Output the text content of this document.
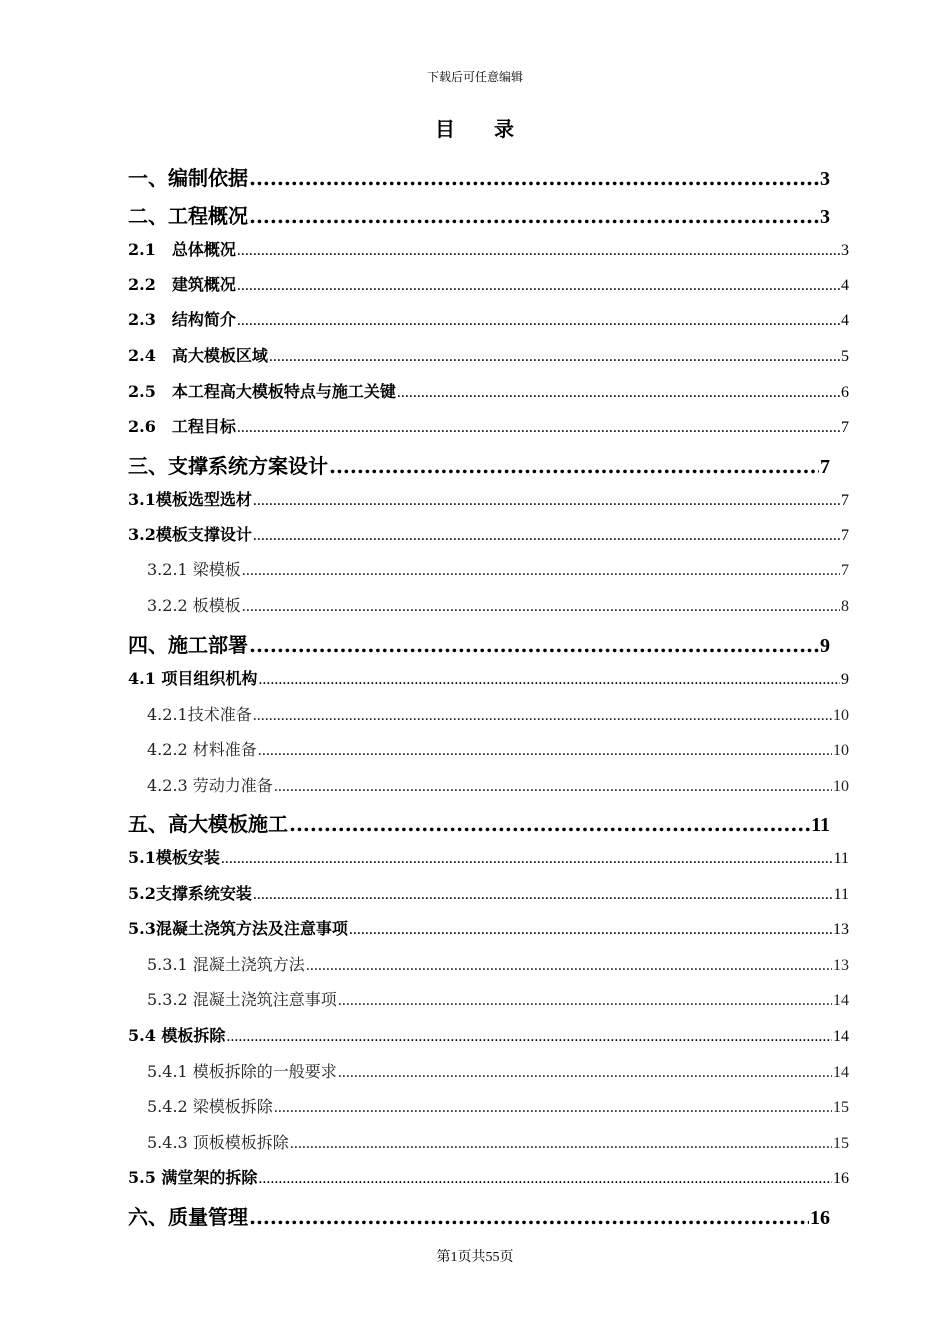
下载后可任意编辑
目 录
一、编制依据 .....	3
二、工程概况 .....	3
2.1　总体概况 .....	3
2.2　建筑概况 .....	4
2.3　结构简介 .....	4
2.4　高大模板区域 .....	5
2.5　本工程高大模板特点与施工关键 .....	6
2.6　工程目标 .....	7
三、支撑系统方案设计 .....	7
3.1模板选型选材 .....	7
3.2模板支撑设计 .....	7
3.2.1 梁模板 .....	7
3.2.2 板模板 .....	8
四、施工部署 .....	9
4.1 项目组织机构 .....	9
4.2.1技术准备 .....	10
4.2.2 材料准备 .....	10
4.2.3 劳动力准备 .....	10
五、高大模板施工 .....	11
5.1模板安装 .....	11
5.2支撑系统安装 .....	11
5.3混凝土浇筑方法及注意事项 .....	13
5.3.1 混凝土浇筑方法 .....	13
5.3.2 混凝土浇筑注意事项 .....	14
5.4 模板拆除 .....	14
5.4.1 模板拆除的一般要求 .....	14
5.4.2 梁模板拆除 .....	15
5.4.3 顶板模板拆除 .....	15
5.5 满堂架的拆除 .....	16
六、质量管理 .....	16
第1页共55页
